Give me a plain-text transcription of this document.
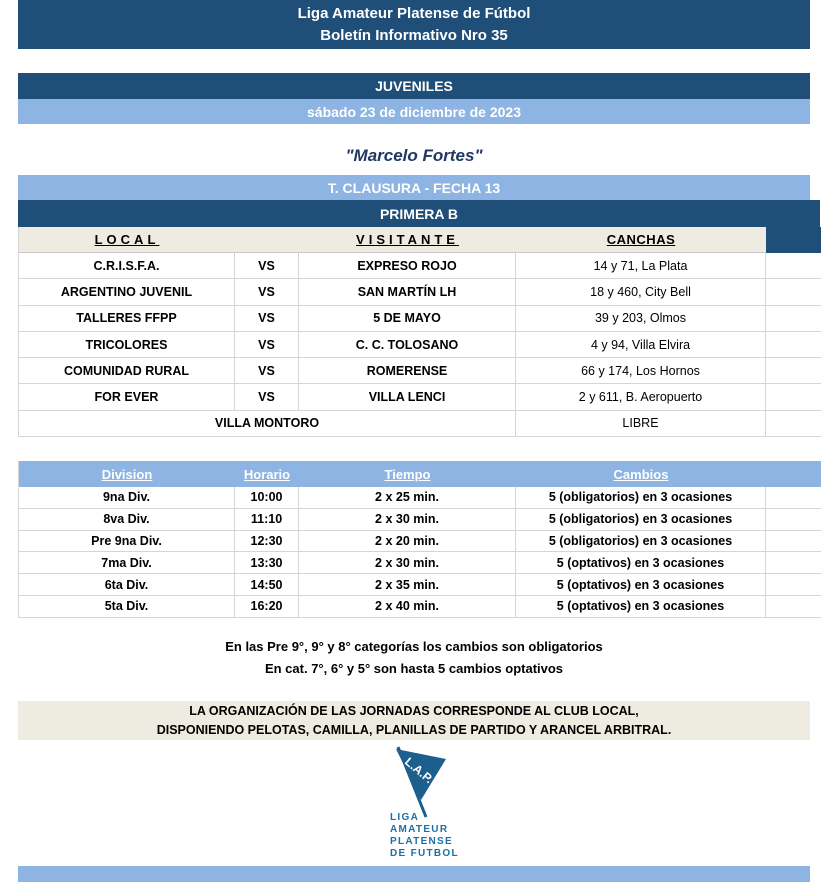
Liga Amateur Platense de Fútbol
Boletín Informativo Nro 35
JUVENILES
sábado 23 de diciembre de 2023
"Marcelo Fortes"
T. CLAUSURA - FECHA 13
PRIMERA B
LOCAL	VISITANTE	CANCHAS
C.R.I.S.F.A.	VS	EXPRESO ROJO	14 y 71, La Plata
ARGENTINO JUVENIL	VS	SAN MARTÍN LH	18 y 460, City Bell
TALLERES FFPP	VS	5 DE MAYO	39 y 203, Olmos
TRICOLORES	VS	C. C. TOLOSANO	4 y 94, Villa Elvira
COMUNIDAD RURAL	VS	ROMERENSE	66 y 174, Los Hornos
FOR EVER	VS	VILLA LENCI	2 y 611, B. Aeropuerto
VILLA MONTORO	LIBRE
Division	Horario	Tiempo	Cambios
9na Div.	10:00	2 x 25 min.	5 (obligatorios) en 3 ocasiones
8va Div.	11:10	2 x 30 min.	5 (obligatorios) en 3 ocasiones
Pre 9na Div.	12:30	2 x 20 min.	5 (obligatorios) en 3 ocasiones
7ma Div.	13:30	2 x 30 min.	5 (optativos) en 3 ocasiones
6ta Div.	14:50	2 x 35 min.	5 (optativos) en 3 ocasiones
5ta Div.	16:20	2 x 40 min.	5 (optativos) en 3 ocasiones
En las Pre 9°, 9° y 8° categorías los cambios son obligatorios
En cat. 7°, 6° y 5° son hasta 5 cambios optativos
LA ORGANIZACIÓN DE LAS JORNADAS CORRESPONDE AL CLUB LOCAL,
DISPONIENDO PELOTAS, CAMILLA, PLANILLAS DE PARTIDO Y ARANCEL ARBITRAL.
L.A.P.
LIGA
AMATEUR
PLATENSE
DE FUTBOL
